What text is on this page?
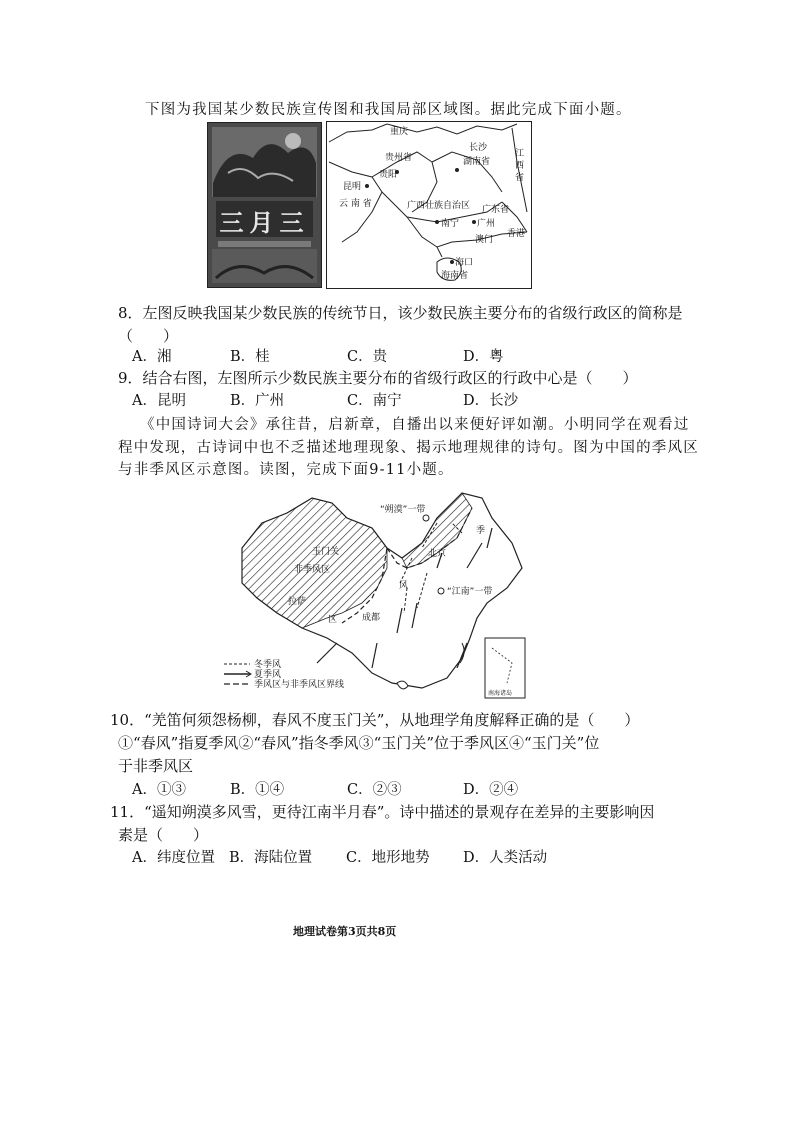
下图为我国某少数民族宣传图和我国局部区域图。据此完成下面小题。
三月三
重庆
贵州省
贵阳
长沙
湖南省
江
西
省
昆明
云 南 省	广西壮族自治区
南宁
广东省
广州
香港
澳门
海口
海南省
8．左图反映我国某少数民族的传统节日，该少数民族主要分布的省级行政区的简称是
（　　）
A．湘	B．桂	C．贵	D．粤
9．结合右图，左图所示少数民族主要分布的省级行政区的行政中心是（　　）
A．昆明	B．广州	C．南宁	D．长沙
《中国诗词大会》承往昔，启新章，自播出以来便好评如潮。小明同学在观看过
程中发现，古诗词中也不乏描述地理现象、揭示地理规律的诗句。图为中国的季风区
与非季风区示意图。读图，完成下面9-11小题。
“朔漠”一带
季
玉门关	北京
非季风区
拉萨
风
“江南”一带
区	成都
冬季风
夏季风
季风区与非季风区界线
南海诸岛
10．“羌笛何须怨杨柳，春风不度玉门关”，从地理学角度解释正确的是（　　）
①“春风”指夏季风②“春风”指冬季风③“玉门关”位于季风区④“玉门关”位
于非季风区
A．①③	B．①④	C．②③	D．②④
11．“遥知朔漠多风雪，更待江南半月春”。诗中描述的景观存在差异的主要影响因
素是（　　）
A．纬度位置 B．海陆位置 C．地形地势 D．人类活动
地理试卷第3页共8页
